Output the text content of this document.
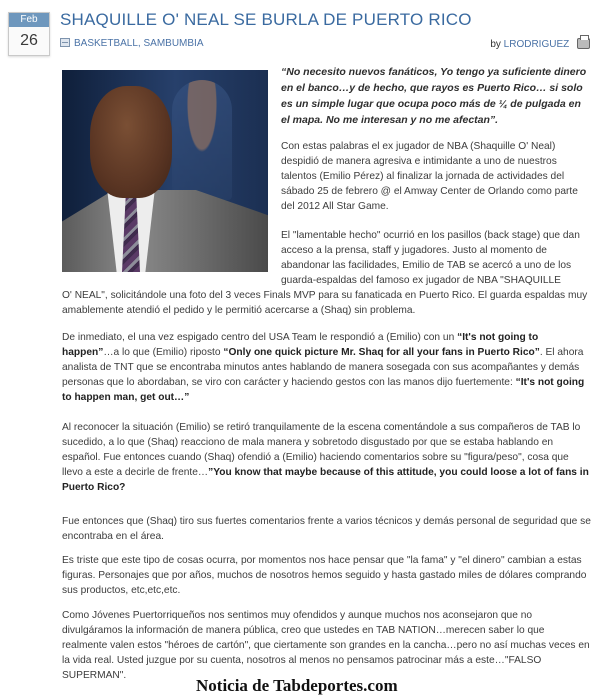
Feb
26
SHAQUILLE O' NEAL SE BURLA DE PUERTO RICO
BASKETBALL, SAMBUMBIA	by LRODRIGUEZ

“No necesito nuevos fanáticos, Yo tengo ya suficiente dinero en el banco…y de hecho, que rayos es Puerto Rico… si solo es un simple lugar que ocupa poco más de ¼ de pulgada en el mapa. No me interesan y no me afectan”.

Con estas palabras el ex jugador de NBA (Shaquille O' Neal) despidió de manera agresiva e intimidante a uno de nuestros talentos (Emilio Pérez) al finalizar la jornada de actividades del sábado 25 de febrero @ el Amway Center de Orlando como parte del 2012 All Star Game.

El "lamentable hecho" ocurrió en los pasillos (back stage) que dan acceso a la prensa, staff y jugadores. Justo al momento de abandonar las facilidades, Emilio de TAB se acercó a uno de los guarda-espaldas del famoso ex jugador de NBA "SHAQUILLE

O' NEAL", solicitándole una foto del 3 veces Finals MVP para su fanaticada en Puerto Rico. El guarda espaldas muy amablemente atendió el pedido y le permitió acercarse a (Shaq) sin problema.

De inmediato, el una vez espigado centro del USA Team le respondió a (Emilio) con un “It's not going to happen”…a lo que (Emilio) riposto “Only one quick picture Mr. Shaq for all your fans in Puerto Rico”. El ahora analista de TNT que se encontraba minutos antes hablando de manera sosegada con sus acompañantes y demás personas que lo abordaban, se viro con carácter y haciendo gestos con las manos dijo fuertemente: “It's not going to happen man, get out…”

Al reconocer la situación (Emilio) se retiró tranquilamente de la escena comentándole a sus compañeros de TAB lo sucedido, a lo que (Shaq) reacciono de mala manera y sobretodo disgustado por que se estaba hablando en español. Fue entonces cuando (Shaq) ofendió a (Emilio) haciendo comentarios sobre su "figura/peso", cosa que llevo a este a decirle de frente…”You know that maybe because of this attitude, you could loose a lot of fans in Puerto Rico?

Fue entonces que (Shaq) tiro sus fuertes comentarios frente a varios técnicos y demás personal de seguridad que se encontraba en el área.

Es triste que este tipo de cosas ocurra, por momentos nos hace pensar que "la fama" y "el dinero" cambian a estas figuras. Personajes que por años, muchos de nosotros hemos seguido y hasta gastado miles de dólares comprando sus productos, etc,etc,etc.

Como Jóvenes Puertorriqueños nos sentimos muy ofendidos y aunque muchos nos aconsejaron que no divulgáramos la información de manera pública, creo que ustedes en TAB NATION…merecen saber lo que realmente valen estos "héroes de cartón", que ciertamente son grandes en la cancha…pero no así muchas veces en la vida real. Usted juzgue por su cuenta, nosotros al menos no pensamos patrocinar más a este…"FALSO SUPERMAN".

Noticia de Tabdeportes.com
